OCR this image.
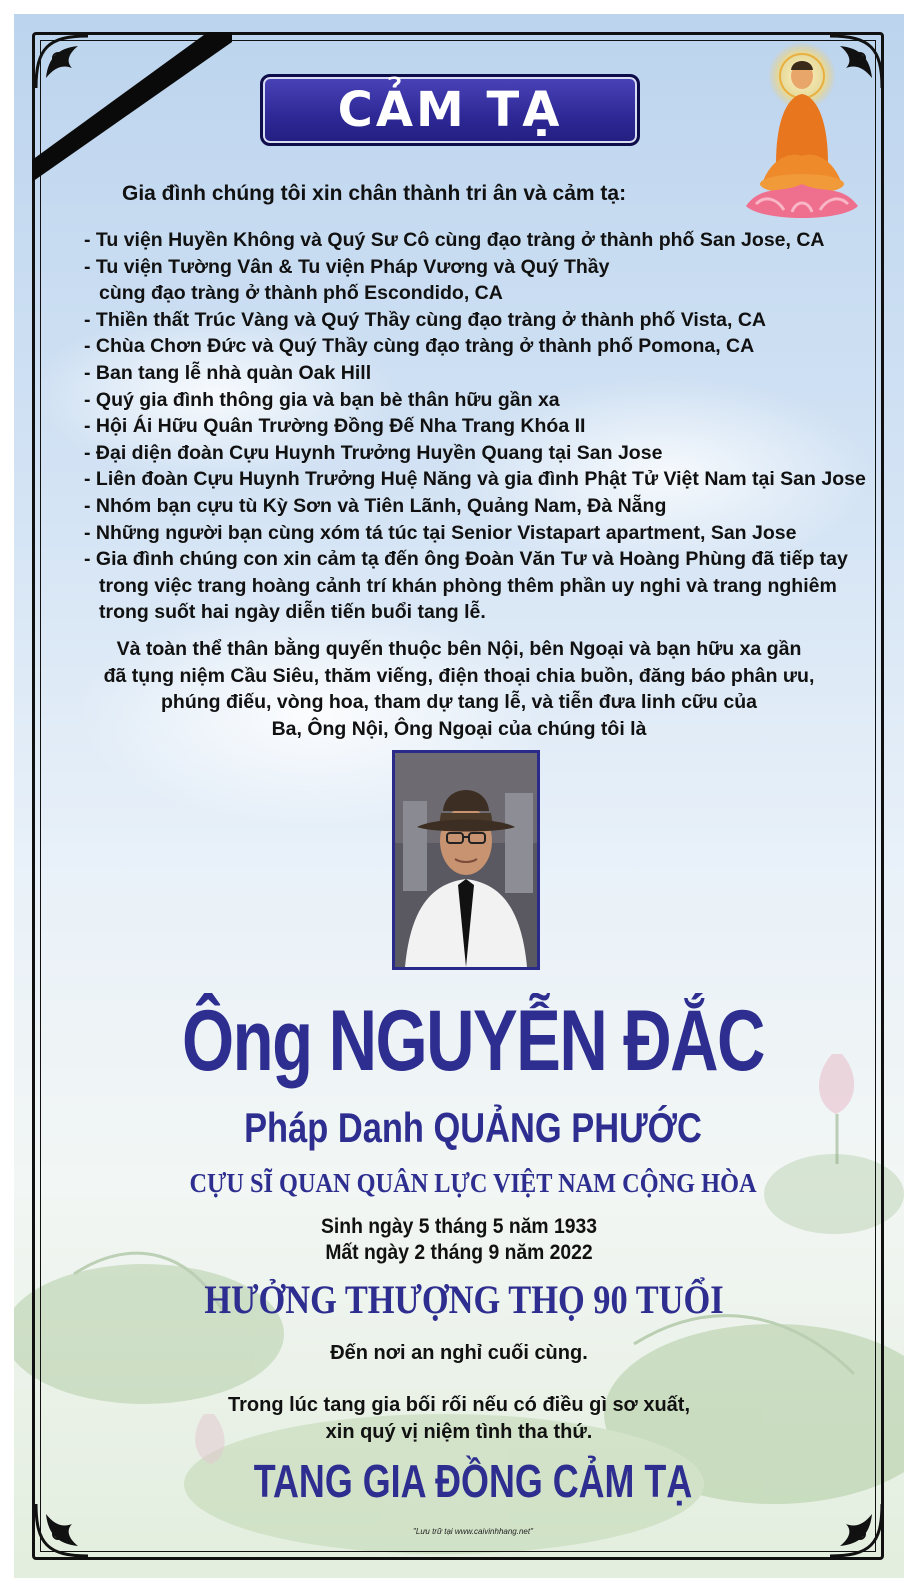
CẢM TẠ
Gia đình chúng tôi xin chân thành tri ân và cảm tạ:
- Tu viện Huyền Không và Quý Sư Cô cùng đạo tràng ở thành phố San Jose, CA
- Tu viện Tường Vân & Tu viện Pháp Vương và Quý Thầy
cùng đạo tràng ở thành phố Escondido, CA
- Thiền thất Trúc Vàng và Quý Thầy cùng đạo tràng ở thành phố Vista, CA
- Chùa Chơn Đức và Quý Thầy cùng đạo tràng ở thành phố Pomona, CA
- Ban tang lễ nhà quàn Oak Hill
- Quý gia đình thông gia và bạn bè thân hữu gần xa
- Hội Ái Hữu Quân Trường Đồng Đế Nha Trang Khóa II
- Đại diện đoàn Cựu Huynh Trưởng Huyền Quang tại San Jose
- Liên đoàn Cựu Huynh Trưởng Huệ Năng và gia đình Phật Tử Việt Nam tại San Jose
- Nhóm bạn cựu tù Kỳ Sơn và Tiên Lãnh, Quảng Nam, Đà Nẵng
- Những người bạn cùng xóm tá túc tại Senior Vistapart apartment, San Jose
- Gia đình chúng con xin cảm tạ đến ông Đoàn Văn Tư và Hoàng Phùng đã tiếp tay
trong việc trang hoàng cảnh trí khán phòng thêm phần uy nghi và trang nghiêm
trong suốt hai ngày diễn tiến buổi tang lễ.
Và toàn thể thân bằng quyến thuộc bên Nội, bên Ngoại và bạn hữu xa gần
đã tụng niệm Cầu Siêu, thăm viếng, điện thoại chia buồn, đăng báo phân ưu,
phúng điếu, vòng hoa, tham dự tang lễ, và tiễn đưa linh cữu của
Ba, Ông Nội, Ông Ngoại của chúng tôi là
Ông NGUYỄN ĐẮC
Pháp Danh QUẢNG PHƯỚC
CỰU SĨ QUAN QUÂN LỰC VIỆT NAM CỘNG HÒA
Sinh ngày 5 tháng 5 năm 1933
Mất ngày 2 tháng 9 năm 2022
HƯỞNG THƯỢNG THỌ 90 TUỔI
Đến nơi an nghỉ cuối cùng.
Trong lúc tang gia bối rối nếu có điều gì sơ xuất,
xin quý vị niệm tình tha thứ.
TANG GIA ĐỒNG CẢM TẠ
"Lưu trữ tại www.caivinhhang.net"
